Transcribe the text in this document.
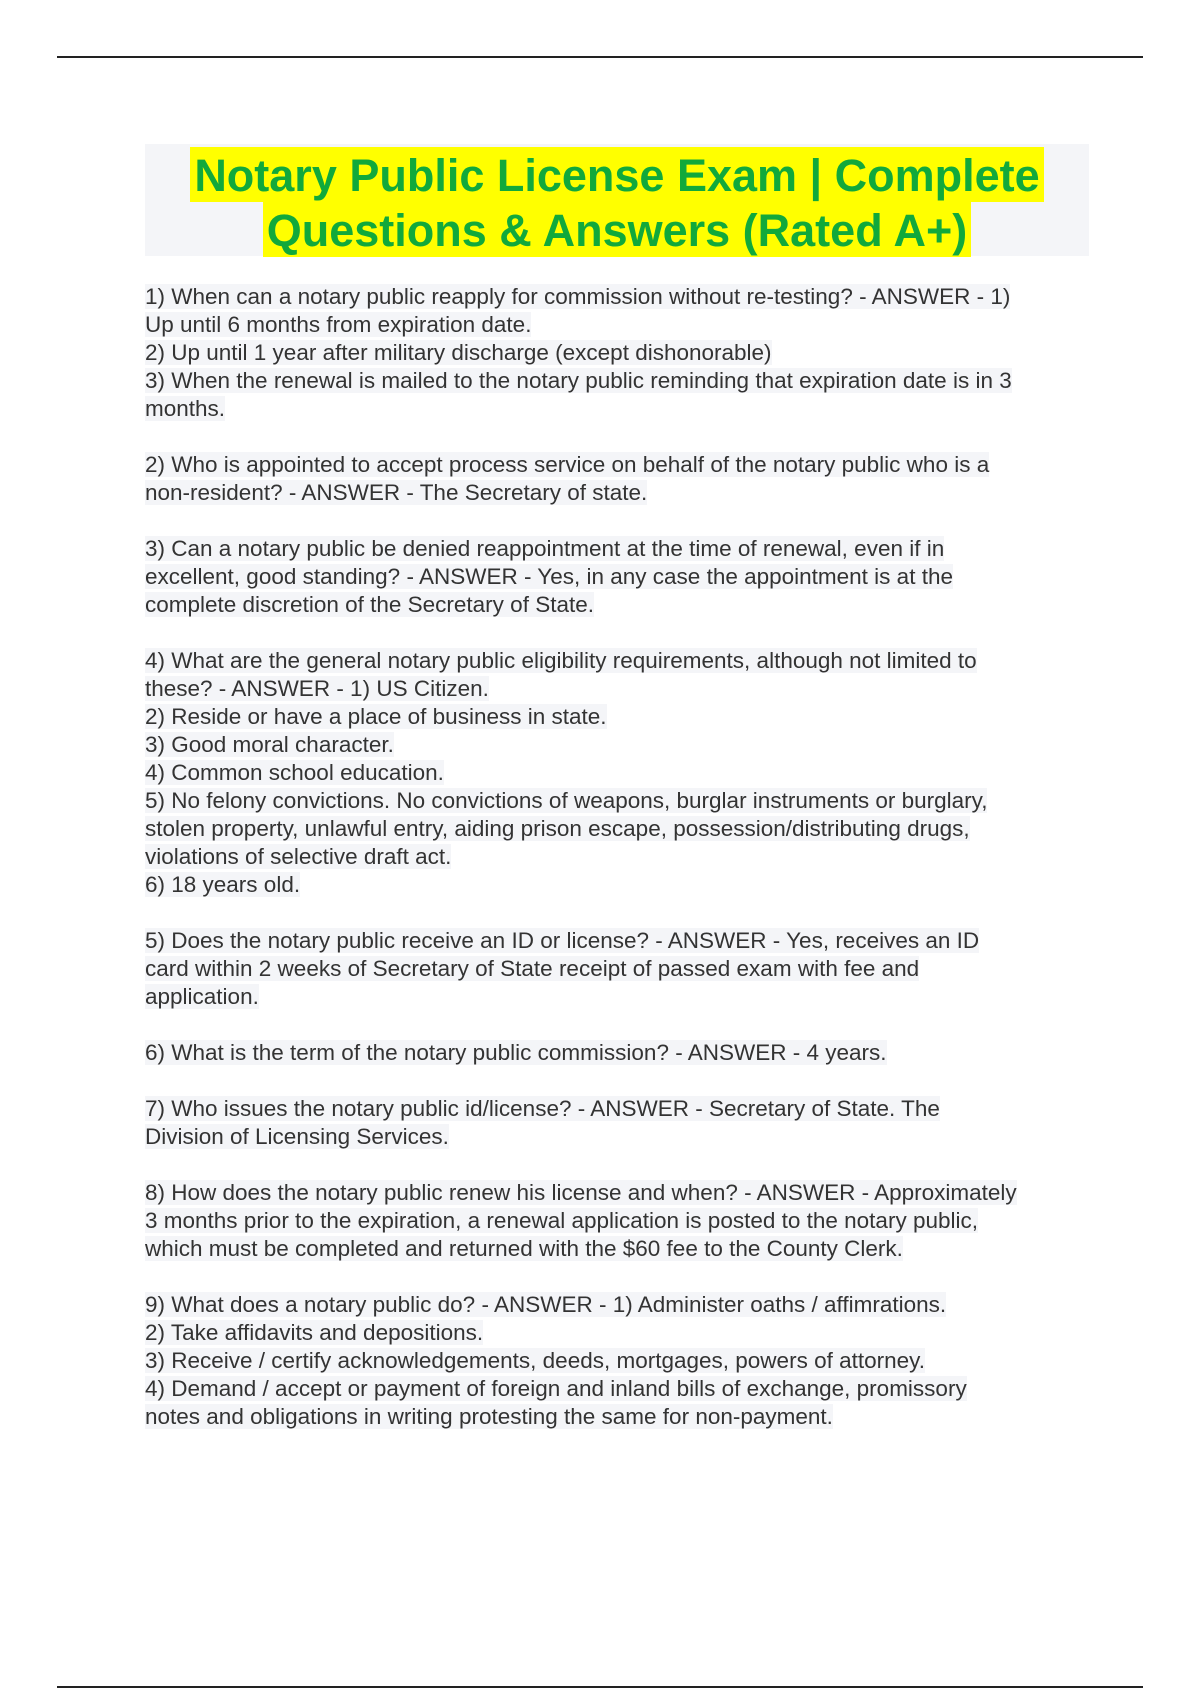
Notary Public License Exam | Complete
Questions & Answers (Rated A+)
1) When can a notary public reapply for commission without re-testing? - ANSWER - 1)
Up until 6 months from expiration date.
2) Up until 1 year after military discharge (except dishonorable)
3) When the renewal is mailed to the notary public reminding that expiration date is in 3
months.
2) Who is appointed to accept process service on behalf of the notary public who is a
non-resident? - ANSWER - The Secretary of state.
3) Can a notary public be denied reappointment at the time of renewal, even if in
excellent, good standing? - ANSWER - Yes, in any case the appointment is at the
complete discretion of the Secretary of State.
4) What are the general notary public eligibility requirements, although not limited to
these? - ANSWER - 1) US Citizen.
2) Reside or have a place of business in state.
3) Good moral character.
4) Common school education.
5) No felony convictions. No convictions of weapons, burglar instruments or burglary,
stolen property, unlawful entry, aiding prison escape, possession/distributing drugs,
violations of selective draft act.
6) 18 years old.
5) Does the notary public receive an ID or license? - ANSWER - Yes, receives an ID
card within 2 weeks of Secretary of State receipt of passed exam with fee and
application.
6) What is the term of the notary public commission? - ANSWER - 4 years.
7) Who issues the notary public id/license? - ANSWER - Secretary of State. The
Division of Licensing Services.
8) How does the notary public renew his license and when? - ANSWER - Approximately
3 months prior to the expiration, a renewal application is posted to the notary public,
which must be completed and returned with the $60 fee to the County Clerk.
9) What does a notary public do? - ANSWER - 1) Administer oaths / affimrations.
2) Take affidavits and depositions.
3) Receive / certify acknowledgements, deeds, mortgages, powers of attorney.
4) Demand / accept or payment of foreign and inland bills of exchange, promissory
notes and obligations in writing protesting the same for non-payment.
